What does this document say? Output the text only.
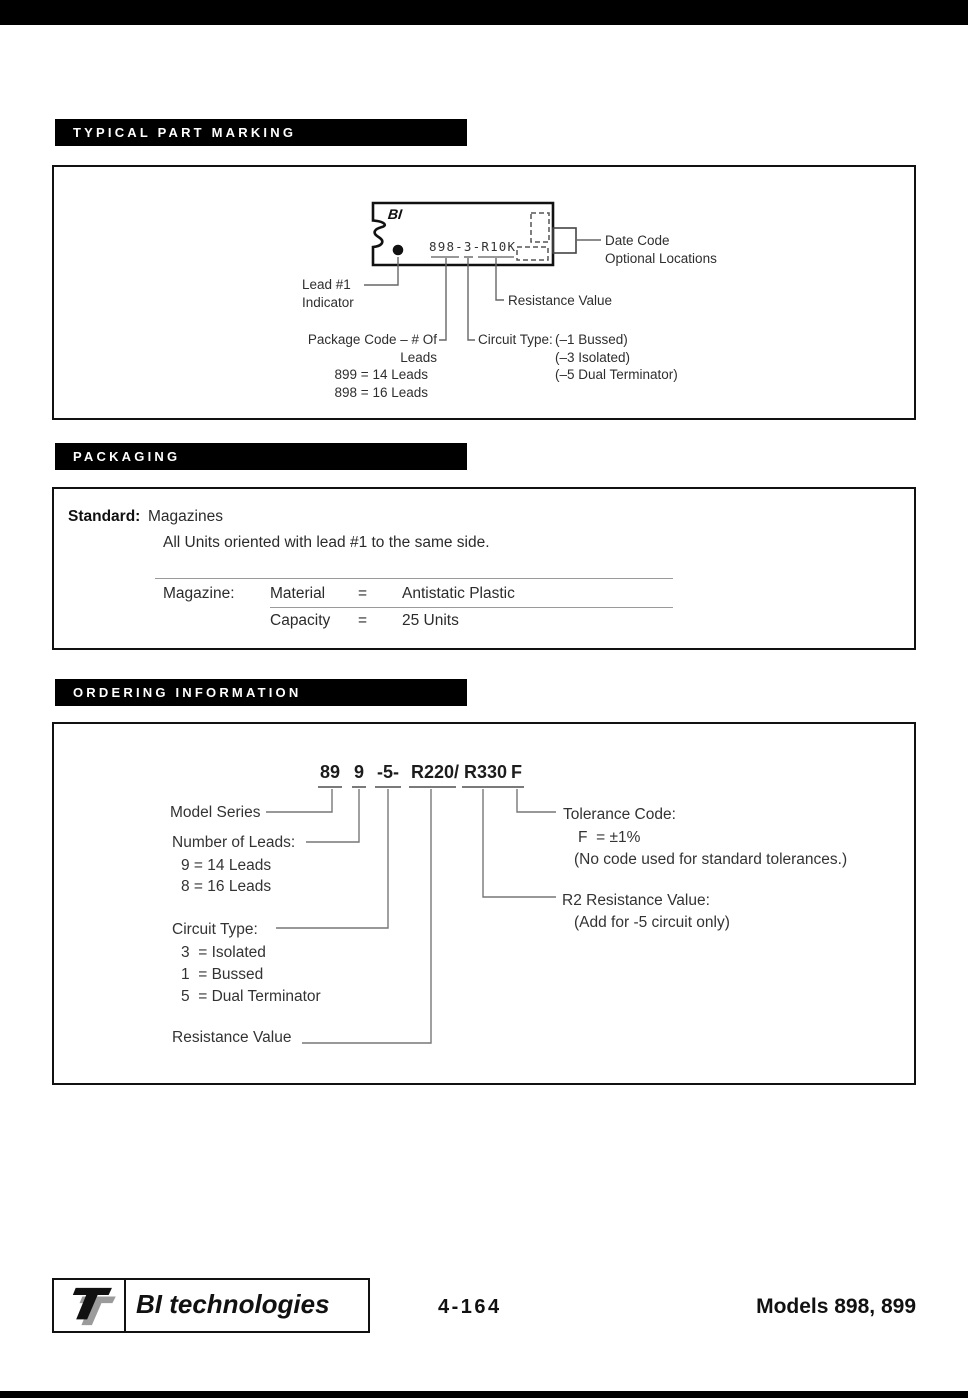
TYPICAL PART MARKING
BI
898-3-R10K
Lead #1
Indicator
Date Code
Optional Locations
Resistance Value
Package Code – # Of Leads
899 = 14 Leads
898 = 16 Leads
Circuit Type: (–1 Bussed)
(–3 Isolated)
(–5 Dual Terminator)
PACKAGING
Standard: Magazines
All Units oriented with lead #1 to the same side.
Magazine: Material = Antistatic Plastic
Capacity = 25 Units
ORDERING INFORMATION
89 9 -5- R220 / R330 F
Model Series
Number of Leads:
9 = 14 Leads
8 = 16 Leads
Circuit Type:
3  = Isolated
1  = Bussed
5  = Dual Terminator
Resistance Value
Tolerance Code:
F  = ±1%
(No code used for standard tolerances.)
R2 Resistance Value:
(Add for -5 circuit only)
BI technologies	4-164	Models 898, 899
